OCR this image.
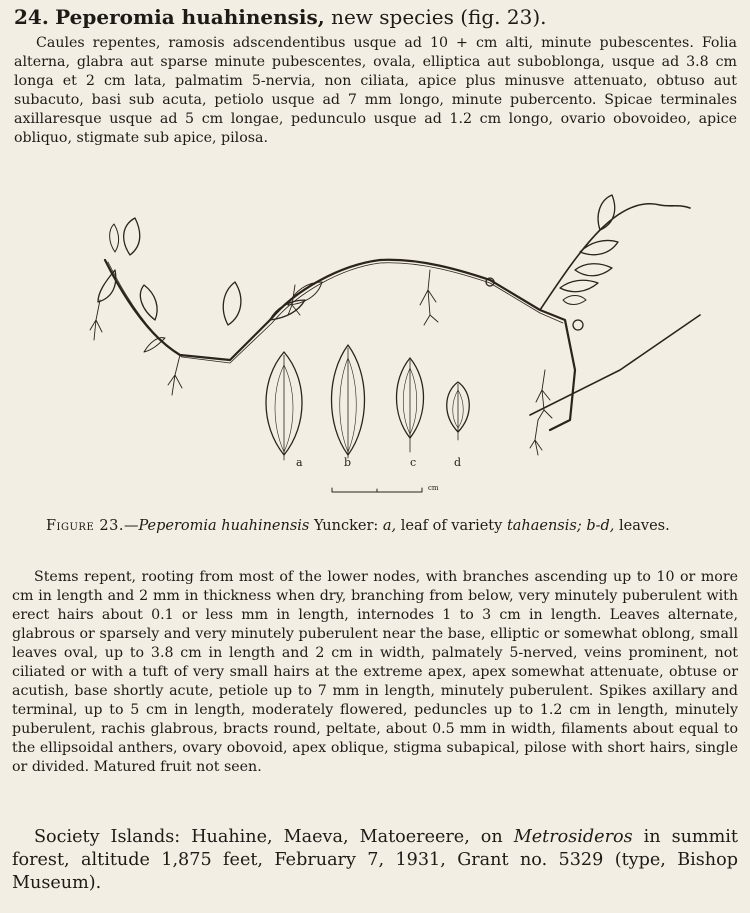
24. Peperomia huahinensis, new species (fig. 23).

Caules repentes, ramosis adscendentibus usque ad 10 + cm alti, minute pubescentes. Folia alterna, glabra aut sparse minute pubescentes, ovala, elliptica aut suboblonga, usque ad 3.8 cm longa et 2 cm lata, palmatim 5-nervia, non ciliata, apice plus minusve attenuato, obtuso aut subacuto, basi sub acuta, petiolo usque ad 7 mm longo, minute pubercento. Spicae terminales axillaresque usque ad 5 cm longae, pedunculo usque ad 1.2 cm longo, ovario obovoideo, apice obliquo, stigmate sub apice, pilosa.

a	b	c	d
cm
Figure 23.—Peperomia huahinensis Yuncker: a, leaf of variety tahaensis; b-d, leaves.

Stems repent, rooting from most of the lower nodes, with branches ascending up to 10 or more cm in length and 2 mm in thickness when dry, branching from below, very minutely puberulent with erect hairs about 0.1 or less mm in length, internodes 1 to 3 cm in length. Leaves alternate, glabrous or sparsely and very minutely puberulent near the base, elliptic or somewhat oblong, small leaves oval, up to 3.8 cm in length and 2 cm in width, palmately 5-nerved, veins prominent, not ciliated or with a tuft of very small hairs at the extreme apex, apex somewhat attenuate, obtuse or acutish, base shortly acute, petiole up to 7 mm in length, minutely puberulent. Spikes axillary and terminal, up to 5 cm in length, moderately flowered, peduncles up to 1.2 cm in length, minutely puberulent, rachis glabrous, bracts round, peltate, about 0.5 mm in width, filaments about equal to the ellipsoidal anthers, ovary obovoid, apex oblique, stigma subapical, pilose with short hairs, single or divided. Matured fruit not seen.

Society Islands: Huahine, Maeva, Matoereere, on Metrosideros in summit forest, altitude 1,875 feet, February 7, 1931, Grant no. 5329 (type, Bishop Museum).
